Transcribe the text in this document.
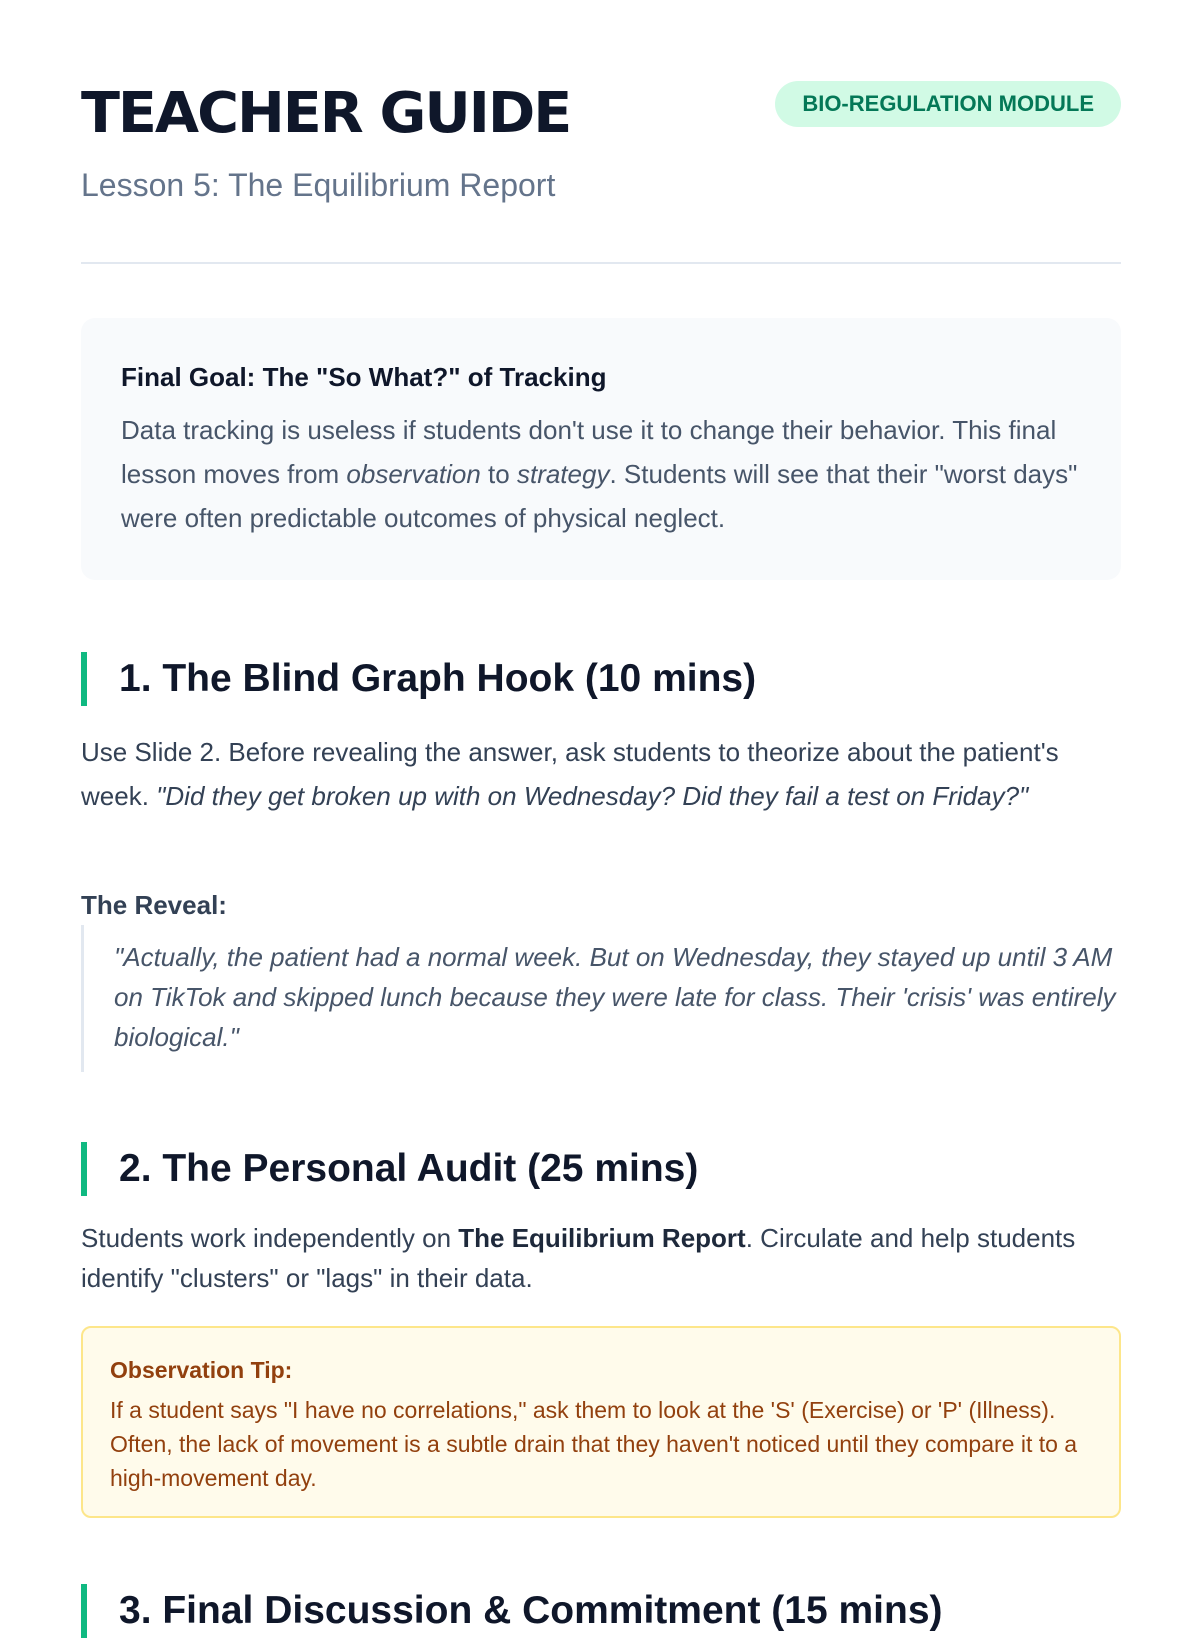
TEACHER GUIDE	BIO-REGULATION MODULE

Lesson 5: The Equilibrium Report

Final Goal: The "So What?" of Tracking

Data tracking is useless if students don't use it to change their behavior. This final lesson moves from observation to strategy. Students will see that their "worst days" were often predictable outcomes of physical neglect.

1. The Blind Graph Hook (10 mins)

Use Slide 2. Before revealing the answer, ask students to theorize about the patient's week. "Did they get broken up with on Wednesday? Did they fail a test on Friday?"

The Reveal:

"Actually, the patient had a normal week. But on Wednesday, they stayed up until 3 AM on TikTok and skipped lunch because they were late for class. Their 'crisis' was entirely biological."

2. The Personal Audit (25 mins)

Students work independently on The Equilibrium Report. Circulate and help students identify "clusters" or "lags" in their data.

Observation Tip:

If a student says "I have no correlations," ask them to look at the 'S' (Exercise) or 'P' (Illness). Often, the lack of movement is a subtle drain that they haven't noticed until they compare it to a high-movement day.

3. Final Discussion & Commitment (15 mins)
